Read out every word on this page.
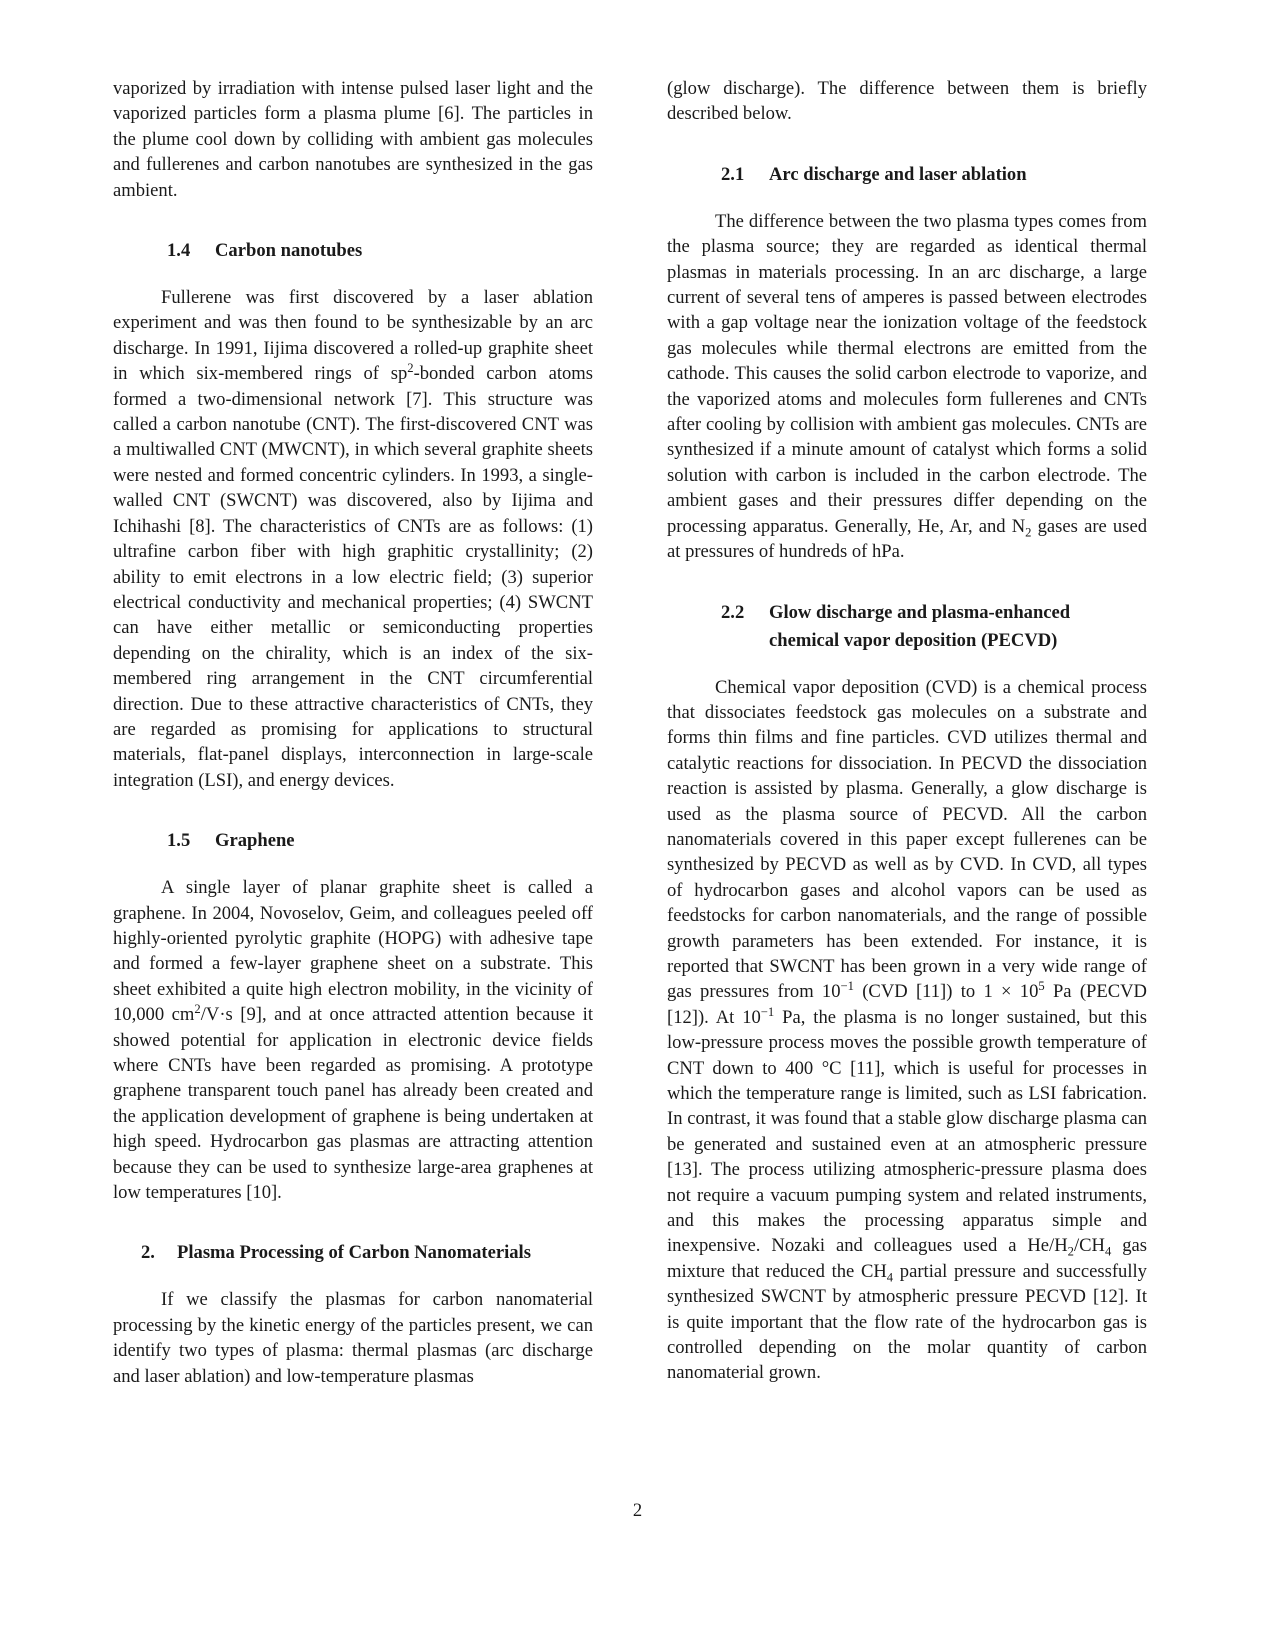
vaporized by irradiation with intense pulsed laser light and the vaporized particles form a plasma plume [6]. The particles in the plume cool down by colliding with ambient gas molecules and fullerenes and carbon nanotubes are synthesized in the gas ambient.

1.4 Carbon nanotubes

Fullerene was first discovered by a laser ablation experiment and was then found to be synthesizable by an arc discharge. In 1991, Iijima discovered a rolled-up graphite sheet in which six-membered rings of $sp^2$-bonded carbon atoms formed a two-dimensional network [7]. This structure was called a carbon nanotube (CNT). The first-discovered CNT was a multiwalled CNT (MWCNT), in which several graphite sheets were nested and formed concentric cylinders. In 1993, a single-walled CNT (SWCNT) was discovered, also by Iijima and Ichihashi [8]. The characteristics of CNTs are as follows: (1) ultrafine carbon fiber with high graphitic crystallinity; (2) ability to emit electrons in a low electric field; (3) superior electrical conductivity and mechanical properties; (4) SWCNT can have either metallic or semiconducting properties depending on the chirality, which is an index of the six-membered ring arrangement in the CNT circumferential direction. Due to these attractive characteristics of CNTs, they are regarded as promising for applications to structural materials, flat-panel displays, interconnection in large-scale integration (LSI), and energy devices.

1.5 Graphene

A single layer of planar graphite sheet is called a graphene. In 2004, Novoselov, Geim, and colleagues peeled off highly-oriented pyrolytic graphite (HOPG) with adhesive tape and formed a few-layer graphene sheet on a substrate. This sheet exhibited a quite high electron mobility, in the vicinity of 10,000 $cm^2/V\cdot s$ [9], and at once attracted attention because it showed potential for application in electronic device fields where CNTs have been regarded as promising. A prototype graphene transparent touch panel has already been created and the application development of graphene is being undertaken at high speed. Hydrocarbon gas plasmas are attracting attention because they can be used to synthesize large-area graphenes at low temperatures [10].

2. Plasma Processing of Carbon Nanomaterials

If we classify the plasmas for carbon nanomaterial processing by the kinetic energy of the particles present, we can identify two types of plasma: thermal plasmas (arc discharge and laser ablation) and low-temperature plasmas

(glow discharge). The difference between them is briefly described below.

2.1 Arc discharge and laser ablation

The difference between the two plasma types comes from the plasma source; they are regarded as identical thermal plasmas in materials processing. In an arc discharge, a large current of several tens of amperes is passed between electrodes with a gap voltage near the ionization voltage of the feedstock gas molecules while thermal electrons are emitted from the cathode. This causes the solid carbon electrode to vaporize, and the vaporized atoms and molecules form fullerenes and CNTs after cooling by collision with ambient gas molecules. CNTs are synthesized if a minute amount of catalyst which forms a solid solution with carbon is included in the carbon electrode. The ambient gases and their pressures differ depending on the processing apparatus. Generally, He, Ar, and $N_2$ gases are used at pressures of hundreds of hPa.

2.2 Glow discharge and plasma-enhanced
chemical vapor deposition (PECVD)

Chemical vapor deposition (CVD) is a chemical process that dissociates feedstock gas molecules on a substrate and forms thin films and fine particles. CVD utilizes thermal and catalytic reactions for dissociation. In PECVD the dissociation reaction is assisted by plasma. Generally, a glow discharge is used as the plasma source of PECVD. All the carbon nanomaterials covered in this paper except fullerenes can be synthesized by PECVD as well as by CVD. In CVD, all types of hydrocarbon gases and alcohol vapors can be used as feedstocks for carbon nanomaterials, and the range of possible growth parameters has been extended. For instance, it is reported that SWCNT has been grown in a very wide range of gas pressures from $10^{-1}$ (CVD [11]) to $1 \times 10^5$ Pa (PECVD [12]). At $10^{-1}$ Pa, the plasma is no longer sustained, but this low-pressure process moves the possible growth temperature of CNT down to 400 °C [11], which is useful for processes in which the temperature range is limited, such as LSI fabrication. In contrast, it was found that a stable glow discharge plasma can be generated and sustained even at an atmospheric pressure [13]. The process utilizing atmospheric-pressure plasma does not require a vacuum pumping system and related instruments, and this makes the processing apparatus simple and inexpensive. Nozaki and colleagues used a $He/H_2/CH_4$ gas mixture that reduced the $CH_4$ partial pressure and successfully synthesized SWCNT by atmospheric pressure PECVD [12]. It is quite important that the flow rate of the hydrocarbon gas is controlled depending on the molar quantity of carbon nanomaterial grown.

2
